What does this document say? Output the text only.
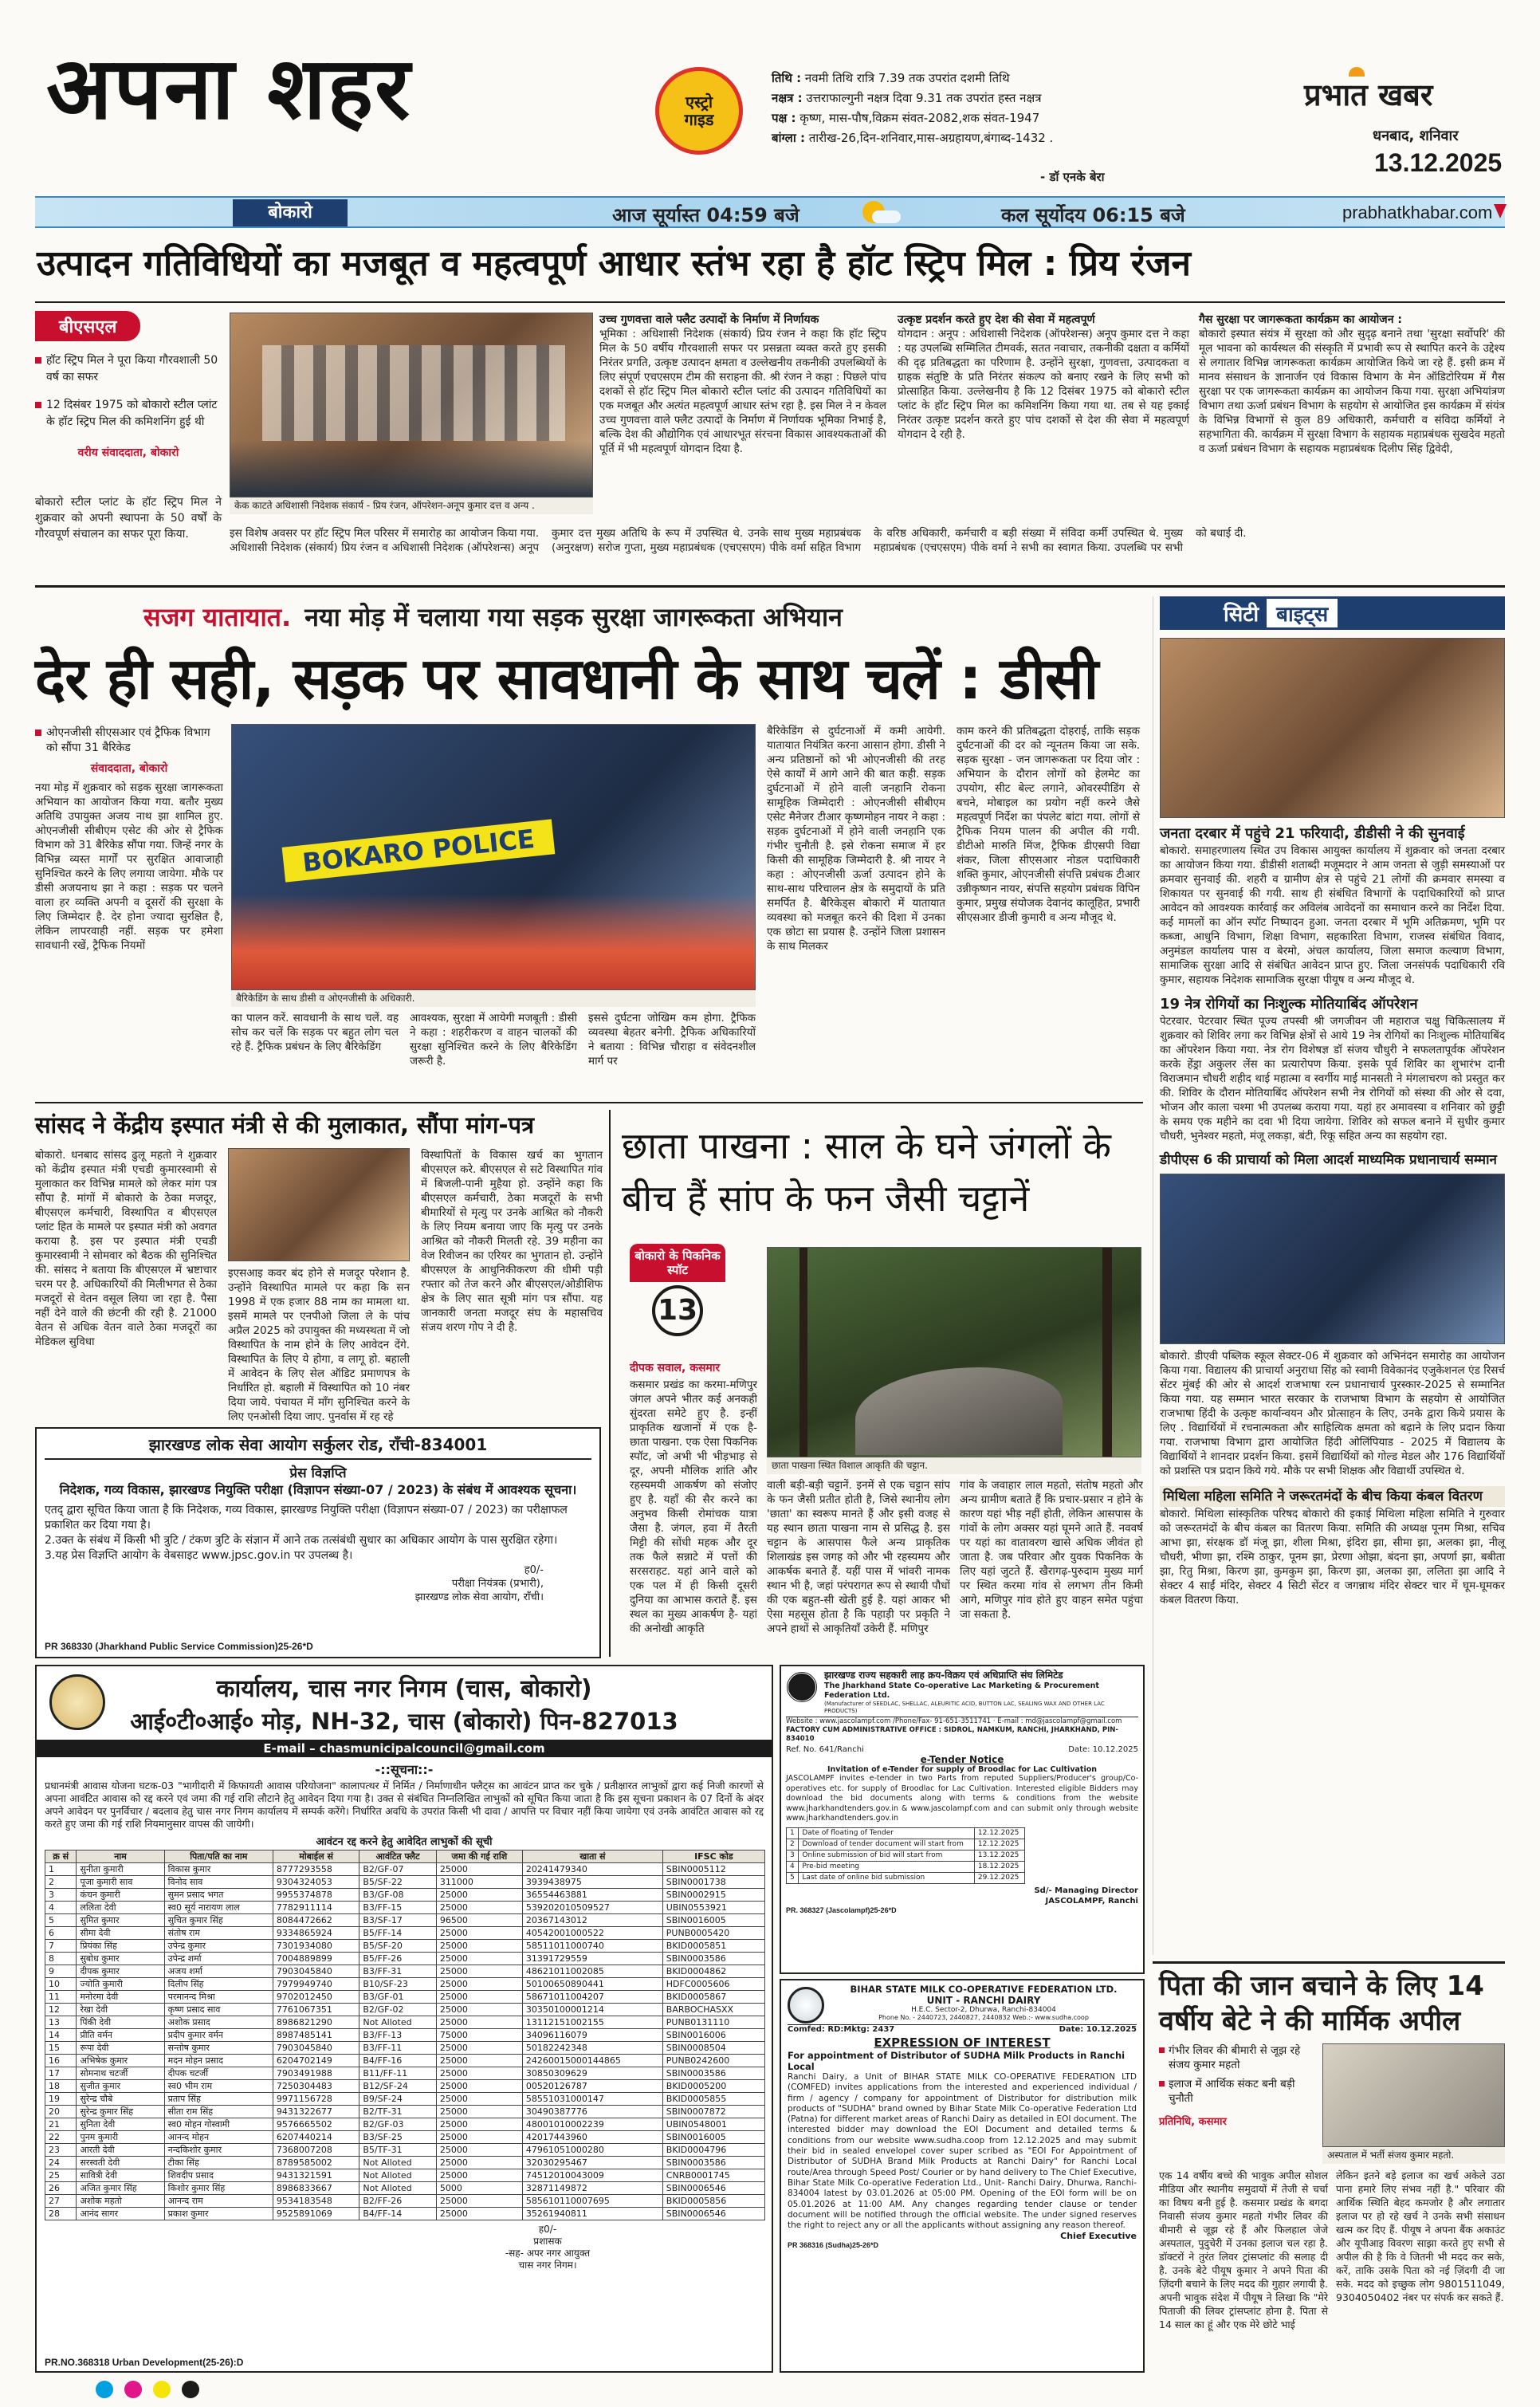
अपना शहर	एस्ट्रो
गाइड
तिथि : नवमी तिथि रात्रि 7.39 तक उपरांत दशमी तिथि
नक्षत्र : उत्तराफाल्गुनी नक्षत्र दिवा 9.31 तक उपरांत हस्त नक्षत्र
पक्ष : कृष्ण, मास-पौष,विक्रम संवत-2082,शक संवत-1947
बांग्ला : तारीख-26,दिन-शनिवार,मास-अग्रहायण,बंगाब्द-1432 .
- डॉ एनके बेरा
प्रभात खबर
धनबाद, शनिवार
13.12.2025
बोकारो	आज सूर्यास्त 04:59 बजे	कल सूर्योदय 06:15 बजे	prabhatkhabar.com
उत्पादन गतिविधियों का मजबूत व महत्वपूर्ण आधार स्तंभ रहा है हॉट स्ट्रिप मिल : प्रिय रंजन
बीएसएल
हॉट स्ट्रिप मिल ने पूरा किया गौरवशाली 50 वर्ष का सफर
12 दिसंबर 1975 को बोकारो स्टील प्लांट के हॉट स्ट्रिप मिल की कमिशनिंग हुई थी
वरीय संवाददाता, बोकारो
बोकारो स्टील प्लांट के हॉट स्ट्रिप मिल ने शुक्रवार को अपनी स्थापना के 50 वर्षों के गौरवपूर्ण संचालन का सफर पूरा किया.
केक काटते अधिशासी निदेशक संकार्य - प्रिय रंजन, ऑपरेशन-अनूप कुमार दत्त व अन्य .
उच्च गुणवत्ता वाले फ्लैट उत्पादों के निर्माण में निर्णायक
भूमिका : अधिशासी निदेशक (संकार्य) प्रिय रंजन ने कहा कि हॉट स्ट्रिप मिल के 50 वर्षीय गौरवशाली सफर पर प्रसन्नता व्यक्त करते हुए इसकी निरंतर प्रगति, उत्कृष्ट उत्पादन क्षमता व उल्लेखनीय तकनीकी उपलब्धियों के लिए संपूर्ण एचएसएम टीम की सराहना की. श्री रंजन ने कहा : पिछले पांच दशकों से हॉट स्ट्रिप मिल बोकारो स्टील प्लांट की उत्पादन गतिविधियों का एक मजबूत और अत्यंत महत्वपूर्ण आधार स्तंभ रहा है. इस मिल ने न केवल उच्च गुणवत्ता वाले फ्लैट उत्पादों के निर्माण में निर्णायक भूमिका निभाई है, बल्कि देश की औद्योगिक एवं आधारभूत संरचना विकास आवश्यकताओं की पूर्ति में भी महत्वपूर्ण योगदान दिया है.
उत्कृष्ट प्रदर्शन करते हुए देश की सेवा में महत्वपूर्ण
योगदान : अनूप : अधिशासी निदेशक (ऑपरेशन्स) अनूप कुमार दत्त ने कहा : यह उपलब्धि सम्मिलित टीमवर्क, सतत नवाचार, तकनीकी दक्षता व कर्मियों की दृढ़ प्रतिबद्धता का परिणाम है. उन्होंने सुरक्षा, गुणवत्ता, उत्पादकता व ग्राहक संतुष्टि के प्रति निरंतर संकल्प को बनाए रखने के लिए सभी को प्रोत्साहित किया. उल्लेखनीय है कि 12 दिसंबर 1975 को बोकारो स्टील प्लांट के हॉट स्ट्रिप मिल का कमिशनिंग किया गया था. तब से यह इकाई निरंतर उत्कृष्ट प्रदर्शन करते हुए पांच दशकों से देश की सेवा में महत्वपूर्ण योगदान दे रही है.
गैस सुरक्षा पर जागरूकता कार्यक्रम का आयोजन :
बोकारो इस्पात संयंत्र में सुरक्षा को और सुदृढ़ बनाने तथा 'सुरक्षा सर्वोपरि' की मूल भावना को कार्यस्थल की संस्कृति में प्रभावी रूप से स्थापित करने के उद्देश्य से लगातार विभिन्न जागरूकता कार्यक्रम आयोजित किये जा रहे हैं. इसी क्रम में मानव संसाधन के ज्ञानार्जन एवं विकास विभाग के मेन ऑडिटोरियम में गैस सुरक्षा पर एक जागरूकता कार्यक्रम का आयोजन किया गया. सुरक्षा अभियांत्रण विभाग तथा ऊर्जा प्रबंधन विभाग के सहयोग से आयोजित इस कार्यक्रम में संयंत्र के विभिन्न विभागों से कुल 89 अधिकारी, कर्मचारी व संविदा कर्मियों ने सहभागिता की. कार्यक्रम में सुरक्षा विभाग के सहायक महाप्रबंधक सुखदेव महतो व ऊर्जा प्रबंधन विभाग के सहायक महाप्रबंधक दिलीप सिंह द्विवेदी,
इस विशेष अवसर पर हॉट स्ट्रिप मिल परिसर में समारोह का आयोजन किया गया. अधिशासी निदेशक (संकार्य) प्रिय रंजन व अधिशासी निदेशक (ऑपरेशन्स) अनूप कुमार दत्त मुख्य अतिथि के रूप में उपस्थित थे. उनके साथ मुख्य महाप्रबंधक (अनुरक्षण) सरोज गुप्ता, मुख्य महाप्रबंधक (एचएसएम) पीके वर्मा सहित विभाग के वरिष्ठ अधिकारी, कर्मचारी व बड़ी संख्या में संविदा कर्मी उपस्थित थे. मुख्य महाप्रबंधक (एचएसएम) पीके वर्मा ने सभी का स्वागत किया. उपलब्धि पर सभी को बधाई दी.
सजग यातायात. नया मोड़ में चलाया गया सड़क सुरक्षा जागरूकता अभियान
देर ही सही, सड़क पर सावधानी के साथ चलें : डीसी
ओएनजीसी सीएसआर एवं ट्रैफिक विभाग को सौंपा 31 बैरिकेड
संवाददाता, बोकारो
नया मोड़ में शुक्रवार को सड़क सुरक्षा जागरूकता अभियान का आयोजन किया गया. बतौर मुख्य अतिथि उपायुक्त अजय नाथ झा शामिल हुए. ओएनजीसी सीबीएम एसेट की ओर से ट्रैफिक विभाग को 31 बैरिकेड सौंपा गया. जिन्हें नगर के विभिन्न व्यस्त मार्गों पर सुरक्षित आवाजाही सुनिश्चित करने के लिए लगाया जायेगा. मौके पर डीसी अजयनाथ झा ने कहा : सड़क पर चलने वाला हर व्यक्ति अपनी व दूसरों की सुरक्षा के लिए जिम्मेदार है. देर होना ज्यादा सुरक्षित है, लेकिन लापरवाही नहीं. सड़क पर हमेशा सावधानी रखें, ट्रैफिक नियमों
BOKARO POLICE
बैरिकेडिंग के साथ डीसी व ओएनजीसी के अधिकारी.
का पालन करें. सावधानी के साथ चलें. वह सोच कर चलें कि सड़क पर बहुत लोग चल रहे हैं. ट्रैफिक प्रबंधन के लिए बैरिकेडिंग
आवश्यक, सुरक्षा में आयेगी मजबूती : डीसी ने कहा : शहरीकरण व वाहन चालकों की सुरक्षा सुनिश्चित करने के लिए बैरिकेडिंग जरूरी है.
इससे दुर्घटना जोखिम कम होगा. ट्रैफिक व्यवस्था बेहतर बनेगी. ट्रैफिक अधिकारियों ने बताया : विभिन्न चौराहा व संवेदनशील मार्ग पर
बैरिकेडिंग से दुर्घटनाओं में कमी आयेगी. यातायात नियंत्रित करना आसान होगा. डीसी ने अन्य प्रतिष्ठानों को भी ओएनजीसी की तरह ऐसे कार्यों में आगे आने की बात कही. सड़क दुर्घटनाओं में होने वाली जनहानि रोकना सामूहिक जिम्मेदारी : ओएनजीसी सीबीएम एसेट मैनेजर टीआर कृष्णमोहन नायर ने कहा : सड़क दुर्घटनाओं में होने वाली जनहानि एक गंभीर चुनौती है. इसे रोकना समाज में हर किसी की सामूहिक जिम्मेदारी है. श्री नायर ने कहा : ओएनजीसी ऊर्जा उत्पादन होने के साथ-साथ परिचालन क्षेत्र के समुदायों के प्रति समर्पित है. बैरिकेड्स बोकारो में यातायात व्यवस्था को मजबूत करने की दिशा में उनका एक छोटा सा प्रयास है. उन्होंने जिला प्रशासन के साथ मिलकर
काम करने की प्रतिबद्धता दोहराई, ताकि सड़क दुर्घटनाओं की दर को न्यूनतम किया जा सके. सड़क सुरक्षा - जन जागरूकता पर दिया जोर : अभियान के दौरान लोगों को हेलमेट का उपयोग, सीट बेल्ट लगाने, ओवरस्पीडिंग से बचने, मोबाइल का प्रयोग नहीं करने जैसे महत्वपूर्ण निर्देश का पंपलेट बांटा गया. लोगों से ट्रैफिक नियम पालन की अपील की गयी. डीटीओ मारुति मिंज, ट्रैफिक डीएसपी विद्या शंकर, जिला सीएसआर नोडल पदाधिकारी शक्ति कुमार, ओएनजीसी संपत्ति प्रबंधक टीआर उन्नीकृष्णन नायर, संपत्ति सहयोग प्रबंधक विपिन कुमार, प्रमुख संयोजक देवानंद कालूहित, प्रभारी सीएसआर डीजी कुमारी व अन्य मौजूद थे.
सांसद ने केंद्रीय इस्पात मंत्री से की मुलाकात, सौंपा मांग-पत्र
बोकारो. धनबाद सांसद ढुलू महतो ने शुक्रवार को केंद्रीय इस्पात मंत्री एचडी कुमारस्वामी से मुलाकात कर विभिन्न मामले को लेकर मांग पत्र सौंपा है. मांगों में बोकारो के ठेका मजदूर, बीएसएल कर्मचारी, विस्थापित व बीएसएल प्लांट हित के मामले पर इस्पात मंत्री को अवगत कराया है. इस पर इस्पात मंत्री एचडी कुमारस्वामी ने सोमवार को बैठक की सुनिश्चित की. सांसद ने बताया कि बीएसएल में भ्रष्टाचार चरम पर है. अधिकारियों की मिलीभगत से ठेका मजदूरों से वेतन वसूल लिया जा रहा है. पैसा नहीं देने वाले की छंटनी की रही है. 21000 वेतन से अधिक वेतन वाले ठेका मजदूरों का मेडिकल सुविधा
इएसआइ कवर बंद होने से मजदूर परेशान है. उन्होंने विस्थापित मामले पर कहा कि सन 1998 में एक हजार 88 नाम का मामला था. इसमें मामले पर एनपीओ जिला ले के पांच अप्रैल 2025 को उपायुक्त की मध्यस्थता में जो विस्थापित के नाम होने के लिए आवेदन देंगे. विस्थापित के लिए ये होगा, व लागू हो. बहाली में आवेदन के लिए सेल ऑडिट प्रमाणपत्र के निर्धारित हो. बहाली में विस्थापित को 10 नंबर दिया जाये. पंचायत में माँग सुनिश्चित करने के लिए एनओसी दिया जाए. पुनर्वास में रह रहे
विस्थापितों के विकास खर्च का भुगतान बीएसएल करे. बीएसएल से सटे विस्थापित गांव में बिजली-पानी मुहैया हो. उन्होंने कहा कि बीएसएल कर्मचारी, ठेका मजदूरों के सभी बीमारियों से मृत्यु पर उनके आश्रित को नौकरी के लिए नियम बनाया जाए कि मृत्यु पर उनके आश्रित को नौकरी मिलती रहे. 39 महीना का वेज रिवीजन का एरियर का भुगतान हो. उन्होंने बीएसएल के आधुनिकीकरण की धीमी पड़ी रफ्तार को तेज करने और बीएसएल/ओडीशिफ क्षेत्र के लिए सात सूत्री मांग पत्र सौंपा. यह जानकारी जनता मजदूर संघ के महासचिव संजय शरण गोप ने दी है.
छाता पाखना : साल के घने जंगलों के बीच हैं सांप के फन जैसी चट्टानें
बोकारो के पिकनिक स्पॉट
13
दीपक सवाल, कसमार
कसमार प्रखंड का करमा-मणिपुर जंगल अपने भीतर कई अनकही सुंदरता समेटे हुए है. इन्हीं प्राकृतिक खजानों में एक है- छाता पाखना. एक ऐसा पिकनिक स्पॉट, जो अभी भी भीड़भाड़ से दूर, अपनी मौलिक शांति और रहस्यमयी आकर्षण को संजोए हुए है. यहाँ की सैर करने का अनुभव किसी रोमांचक यात्रा जैसा है. जंगल, हवा में तैरती मिट्टी की सोंधी महक और दूर तक फैले सन्नाटे में पत्तों की सरसराहट. यहां आने वाले को एक पल में ही किसी दूसरी दुनिया का आभास कराते हैं. इस स्थल का मुख्य आकर्षण है- यहां की अनोखी आकृति
छाता पाखना स्थित विशाल आकृति की चट्टान.
वाली बड़ी-बड़ी चट्टानें. इनमें से एक चट्टान सांप के फन जैसी प्रतीत होती है, जिसे स्थानीय लोग 'छाता' का स्वरूप मानते हैं और इसी वजह से यह स्थान छाता पाखना नाम से प्रसिद्ध है. इस चट्टान के आसपास फैले अन्य प्राकृतिक शिलाखंड इस जगह को और भी रहस्यमय और आकर्षक बनाते हैं. यहीं पास में भांवरी नामक स्थान भी है, जहां परंपरागत रूप से स्थायी पौधों की एक बहुत-सी खेती हुई है. यहां आकर भी ऐसा महसूस होता है कि पहाड़ी पर प्रकृति ने अपने हाथों से आकृतियाँ उकेरी हैं. मणिपुर
गांव के जवाहार लाल महतो, संतोष महतो और अन्य ग्रामीण बताते हैं कि प्रचार-प्रसार न होने के कारण यहां भीड़ नहीं होती, लेकिन आसपास के गांवों के लोग अक्सर यहां घूमने आते हैं. नववर्ष पर यहां का वातावरण खासे अधिक जीवंत हो जाता है. जब परिवार और युवक पिकनिक के लिए यहां जुटते हैं. खैरागढ़-पुरुदाम मुख्य मार्ग पर स्थित करमा गांव से लगभग तीन किमी आगे, मणिपुर गांव होते हुए वाहन समेत पहुंचा जा सकता है.
झारखण्ड लोक सेवा आयोग सर्कुलर रोड, राँची-834001
प्रेस विज्ञप्ति
निदेशक, गव्य विकास, झारखण्ड नियुक्ति परीक्षा (विज्ञापन संख्या-07 / 2023) के संबंध में आवश्यक सूचना।
एतद् द्वारा सूचित किया जाता है कि निदेशक, गव्य विकास, झारखण्ड नियुक्ति परीक्षा (विज्ञापन संख्या-07 / 2023) का परीक्षाफल प्रकाशित कर दिया गया है।
2.उक्त के संबंध में किसी भी त्रुटि / टंकण त्रुटि के संज्ञान में आने तक तत्संबंधी सुधार का अधिकार आयोग के पास सुरक्षित रहेगा।
3.यह प्रेस विज्ञप्ति आयोग के वेबसाइट www.jpsc.gov.in पर उपलब्ध है।
ह0/-
परीक्षा नियंत्रक (प्रभारी),
झारखण्ड लोक सेवा आयोग, राँची।
PR 368330 (Jharkhand Public Service Commission)25-26*D
कार्यालय, चास नगर निगम (चास, बोकारो)
आई०टी०आई० मोड़, NH-32, चास (बोकारो) पिन-827013
E-mail – chasmunicipalcouncil@gmail.com
-::सूचना::-
प्रधानमंत्री आवास योजना घटक-03 "भागीदारी में किफायती आवास परियोजना" कालापत्थर में निर्मित / निर्माणाधीन फ्लैट्स का आवंटन प्राप्त कर चुके / प्रतीक्षारत लाभुकों द्वारा कई निजी कारणों से अपना आवंटित आवास को रद्द करने एवं जमा की गई राशि लौटाने हेतु आवेदन दिया गया है। उक्त से संबंधित निम्नलिखित लाभुकों को सूचित किया जाता है कि इस सूचना प्रकाशन के 07 दिनों के अंदर अपने आवेदन पर पुनर्विचार / बदलाव हेतु चास नगर निगम कार्यालय में सम्पर्क करेंगे। निर्धारित अवधि के उपरांत किसी भी दावा / आपत्ति पर विचार नहीं किया जायेगा एवं उनके आवंटित आवास को रद्द करते हुए जमा की गई राशि नियमानुसार वापस की जायेगी।
आवंटन रद्द करने हेतु आवेदित लाभुकों की सूची
क्र सं	नाम	पिता/पति का नाम	मोबाईल सं	आवंटित फ्लैट	जमा की गई राशि	खाता सं	IFSC कोड
1	सुनीता कुमारी	विकास कुमार	8777293558	B2/GF-07	25000	20241479340	SBIN0005112
2	पूजा कुमारी साव	विनोद साव	9304324053	B5/SF-22	311000	3939438975	SBIN0001738
3	कंचन कुमारी	सुमन प्रसाद भगत	9955374878	B3/GF-08	25000	36554463881	SBIN0002915
4	ललिता देवी	स्व0 सूर्य नारायण लाल	7782911114	B3/FF-15	25000	539202010509527	UBIN0553921
5	सुमित कुमार	सुचित कुमार सिंह	8084472662	B3/SF-17	96500	20367143012	SBIN0016005
6	सीमा देवी	संतोष राम	9334865924	B5/FF-14	25000	40542001000522	PUNB0005420
7	प्रियंका सिंह	उपेन्द्र कुमार	7301934080	B5/SF-20	25000	58511011000740	BKID0005851
8	सुबोध कुमार	उपेन्द्र शर्मा	7004889899	B5/FF-26	25000	31391729559	SBIN0003586
9	दीपक कुमार	अजय शर्मा	7903045840	B3/FF-31	25000	48621011002085	BKID0004862
10	ज्योति कुमारी	दिलीप सिंह	7979949740	B10/SF-23	25000	50100650890441	HDFC0005606
11	मनोरमा देवी	परमानन्द मिश्रा	9702012450	B3/GF-01	25000	58671011004207	BKID0005867
12	रेखा देवी	कृष्ण प्रसाद साव	7761067351	B2/GF-02	25000	30350100001214	BARBOCHASXX
13	पिंकी देवी	अशोक प्रसाद	8986821290	Not Alloted	25000	13112151002155	PUNB0131110
14	प्रीति वर्मन	प्रदीप कुमार वर्मन	8987485141	B3/FF-13	75000	34096116079	SBIN0016006
15	रूपा देवी	सन्तोष कुमार	7903045840	B3/FF-11	25000	50182242348	SBIN0008504
16	अभिषेक कुमार	मदन मोहन प्रसाद	6204702149	B4/FF-16	25000	24260015000144865	PUNB0242600
17	सोमनाथ चटर्जी	दीपक चटर्जी	7903491988	B11/FF-11	25000	30850309629	SBIN0003586
18	सुजीत कुमार	स्व0 भीम राम	7250304483	B12/SF-24	25000	00520126787	BKID0005200
19	सुरेन्द्र चौबे	प्रताप सिंह	9971156728	B9/SF-24	25000	58551031000147	BKID0005855
20	सुरेन्द्र कुमार सिंह	सीता राम सिंह	9431322677	B2/TF-31	25000	30490387776	SBIN0007872
21	सुनिता देवी	स्व0 मोहन गोस्वामी	9576665502	B2/GF-03	25000	48001010002239	UBIN0548001
22	पुनम कुमारी	आनन्द मोहन	6207440214	B3/SF-25	25000	42017443960	SBIN0016005
23	आरती देवी	नन्दकिशोर कुमार	7368007208	B5/TF-31	25000	47961051000280	BKID0004796
24	सरस्वती देवी	टीका सिंह	8789585002	Not Alloted	25000	32030295467	SBIN0003586
25	सावित्री देवी	शिवदीप प्रसाद	9431321591	Not Alloted	25000	74512010043009	CNRB0001745
26	अजित कुमार सिंह	किशोर कुमार सिंह	8986833667	Not Alloted	5000	32871149872	SBIN0006546
27	अशोक महतो	आनन्द राम	9534183548	B2/FF-26	25000	585610110007695	BKID0005856
28	आनंद सागर	प्रकाश कुमार	9525891069	B4/FF-14	25000	35261940811	SBIN0006546
ह0/-
प्रशासक
-सह- अपर नगर आयुक्त
चास नगर निगम।
PR.NO.368318 Urban Development(25-26):D
झारखण्ड राज्य सहकारी लाह क्रय-विक्रय एवं अधिप्राप्ति संघ लिमिटेड
The Jharkhand State Co-operative Lac Marketing & Procurement Federation Ltd.
(Manufacturer of SEEDLAC, SHELLAC, ALEURITIC ACID, BUTTON LAC, SEALING WAX AND OTHER LAC PRODUCTS)
Website : www.jascolampf.com /Phone/Fax- 91-651-3511741 · E-mail : md@jascolampf@gmail.com
FACTORY CUM ADMINISTRATIVE OFFICE : SIDROL, NAMKUM, RANCHI, JHARKHAND, PIN- 834010
Ref. No. 641/Ranchi	Date: 10.12.2025
e-Tender Notice
Invitation of e-Tender for supply of Broodlac for Lac Cultivation
JASCOLAMPF invites e-tender in two Parts from reputed Suppliers/Producer's group/Co-operatives etc. for supply of Broodlac for Lac Cultivation. Interested eligible Bidders may download the bid documents along with terms & conditions from the website www.jharkhandtenders.gov.in & www.jascolampf.com and can submit only through website www.jharkhandtenders.gov.in
1	Date of floating of Tender	12.12.2025
2	Download of tender document will start from	12.12.2025
3	Online submission of bid will start from	13.12.2025
4	Pre-bid meeting	18.12.2025
5	Last date of online bid submission	29.12.2025
Sd/- Managing Director
JASCOLAMPF, Ranchi
PR. 368327 (Jascolampf)25-26*D
BIHAR STATE MILK CO-OPERATIVE FEDERATION LTD.
UNIT - RANCHI DAIRY
H.E.C. Sector-2, Dhurwa, Ranchi-834004
Phone No. - 2440723, 2440827, 2440832 Web.:- www.sudha.coop
Comfed: RD:Mktg: 2437	Date: 10.12.2025
EXPRESSION OF INTEREST
For appointment of Distributor of SUDHA Milk Products in Ranchi Local
Ranchi Dairy, a Unit of BIHAR STATE MILK CO-OPERATIVE FEDERATION LTD (COMFED) invites applications from the interested and experienced individual / firm / agency / company for appointment of Distributor for distribution milk products of "SUDHA" brand owned by Bihar State Milk Co-operative Federation Ltd (Patna) for different market areas of Ranchi Dairy as detailed in EOI document. The interested bidder may download the EOI Document and detailed terms & conditions from our website www.sudha.coop from 12.12.2025 and may submit their bid in sealed envelopel cover super scribed as "EOI For Appointment of Distributor of SUDHA Brand Milk Products at Ranchi Dairy" for Ranchi Local route/Area through Speed Post/ Courier or by hand delivery to The Chief Executive, Bihar State Milk Co-operative Federation Ltd., Unit- Ranchi Dairy, Dhurwa, Ranchi-834004 latest by 03.01.2026 at 05:00 PM. Opening of the EOI form will be on 05.01.2026 at 11:00 AM. Any changes regarding tender clause or tender document will be notified through the official website. The under signed reserves the right to reject any or all the applicants without assigning any reason thereof.
Chief Executive
PR 368316 (Sudha)25-26*D
सिटी बाइट्स
जनता दरबार में पहुंचे 21 फरियादी, डीडीसी ने की सुनवाई
बोकारो. समाहरणालय स्थित उप विकास आयुक्त कार्यालय में शुक्रवार को जनता दरबार का आयोजन किया गया. डीडीसी शताब्दी मजूमदार ने आम जनता से जुड़ी समस्याओं पर क्रमवार सुनवाई की. शहरी व ग्रामीण क्षेत्र से पहुंचे 21 लोगों की क्रमवार समस्या व शिकायत पर सुनवाई की गयी. साथ ही संबंधित विभागों के पदाधिकारियों को प्राप्त आवेदन को आवश्यक कार्रवाई कर अविलंब आवेदनों का समाधान करने का निर्देश दिया. कई मामलों का ऑन स्पॉट निष्पादन हुआ. जनता दरबार में भूमि अतिक्रमण, भूमि पर कब्जा, आधुनि विभाग, शिक्षा विभाग, सहकारिता विभाग, राजस्व संबंधित विवाद, अनुमंडल कार्यालय पास व बेरमो, अंचल कार्यालय, जिला समाज कल्याण विभाग, सामाजिक सुरक्षा आदि से संबंधित आवेदन प्राप्त हुए. जिला जनसंपर्क पदाधिकारी रवि कुमार, सहायक निदेशक सामाजिक सुरक्षा पीयूष व अन्य मौजूद थे.
19 नेत्र रोगियों का निःशुल्क मोतियाबिंद ऑपरेशन
पेटरवार. पेटरवार स्थित पूज्य तपस्वी श्री जगजीवन जी महाराज चक्षु चिकित्सालय में शुक्रवार को शिविर लगा कर विभिन्न क्षेत्रों से आये 19 नेत्र रोगियों का निःशुल्क मोतियाबिंद का ऑपरेशन किया गया. नेत्र रोग विशेषज्ञ डॉ संजय चौधुरी ने सफलतापूर्वक ऑपरेशन करके हेंड्रा अकुलर लेंस का प्रत्यारोपण किया. इसके पूर्व शिविर का शुभारंभ दानी विराजमान चौधरी शहीद थाई महात्मा व स्वर्गीय माई मानसती ने मंगलाचरण को प्रस्तुत कर की. शिविर के दौरान मोतियाबिंद ऑपरेशन सभी नेत्र रोगियों को संस्था की ओर से दवा, भोजन और काला चश्मा भी उपलब्ध कराया गया. यहां हर अमावस्या व शनिवार को छुट्टी के समय एक महीने का दवा भी दिया जायेगा. शिविर को सफल बनाने में सुधीर कुमार चौधरी, भुनेश्वर महतो, मंजू लकड़ा, बंटी, रिकू सहित अन्य का सहयोग रहा.
डीपीएस 6 की प्राचार्या को मिला आदर्श माध्यमिक प्रधानाचार्य सम्मान
बोकारो. डीएवी पब्लिक स्कूल सेक्टर-06 में शुक्रवार को अभिनंदन समारोह का आयोजन किया गया. विद्यालय की प्राचार्या अनुराधा सिंह को स्वामी विवेकानंद एजुकेशनल एंड रिसर्च सेंटर मुंबई की ओर से आदर्श राजभाषा रत्न प्रधानाचार्य पुरस्कार-2025 से सम्मानित किया गया. यह सम्मान भारत सरकार के राजभाषा विभाग के सहयोग से आयोजित राजभाषा हिंदी के उत्कृष्ट कार्यान्वयन और प्रोत्साहन के लिए, उनके द्वारा किये प्रयास के लिए . विद्यार्थियों में रचनात्मकता और साहित्यिक क्षमता को बढ़ाने के लिए प्रदान किया गया. राजभाषा विभाग द्वारा आयोजित हिंदी ओलिंपियाड - 2025 में विद्यालय के विद्यार्थियों ने शानदार प्रदर्शन किया. इसमें विद्यार्थियों को गोल्ड मेडल और 176 विद्यार्थियों को प्रशस्ति पत्र प्रदान किये गये. मौके पर सभी शिक्षक और विद्यार्थी उपस्थित थे.
मिथिला महिला समिति ने जरूरतमंदों के बीच किया कंबल वितरण
बोकारो. मिथिला सांस्कृतिक परिषद बोकारो की इकाई मिथिला महिला समिति ने गुरुवार को जरूरतमंदों के बीच कंबल का वितरण किया. समिति की अध्यक्ष पूनम मिश्रा, सचिव आभा झा, संरक्षक डॉ मंजू झा, शीला मिश्रा, इंदिरा झा, सीमा झा, अलका झा, नीलू चौधरी, भीणा झा, रश्मि ठाकुर, पूनम झा, प्रेरणा ओझा, बंदना झा, अपर्णा झा, बबीता झा, रितु मिश्रा, किरण झा, कुमकुम झा, किरण झा, अलका झा, ललिता झा आदि ने सेक्टर 4 साईं मंदिर, सेक्टर 4 सिटी सेंटर व जगन्नाथ मंदिर सेक्टर चार में घूम-घूमकर कंबल वितरण किया.
पिता की जान बचाने के लिए 14 वर्षीय बेटे ने की मार्मिक अपील
गंभीर लिवर की बीमारी से जूझ रहे संजय कुमार महतो
इलाज में आर्थिक संकट बनी बड़ी चुनौती
प्रतिनिधि, कसमार
अस्पताल में भर्ती संजय कुमार महतो.
एक 14 वर्षीय बच्चे की भावुक अपील सोशल मीडिया और स्थानीय समुदायों में तेजी से चर्चा का विषय बनी हुई है. कसमार प्रखंड के बगदा निवासी संजय कुमार महतो गंभीर लिवर की बीमारी से जूझ रहे हैं और फिलहाल जेजे अस्पताल, पुदुचेरी में उनका इलाज चल रहा है. डॉक्टरों ने तुरंत लिवर ट्रांसप्लांट की सलाह दी है. उनके बेटे पीयूष कुमार ने अपने पिता की ज़िंदगी बचाने के लिए मदद की गुहार लगायी है. अपनी भावुक संदेश में पीयूष ने लिखा कि "मेरे पिताजी की लिवर ट्रांसप्लांट होना है. पिता से 14 साल का हूं और एक मेरे छोटे भाई
लेकिन इतने बड़े इलाज का खर्च अकेले उठा पाना हमारे लिए संभव नहीं है." परिवार की आर्थिक स्थिति बेहद कमजोर है और लगातार इलाज पर हो रहे खर्च ने उनके सभी संसाधन खत्म कर दिए हैं. पीयूष ने अपना बैंक अकाउंट और यूपीआइ विवरण साझा करते हुए सभी से अपील की है कि वे जितनी भी मदद कर सके, करें, ताकि उसके पिता को नई ज़िंदगी दी जा सके. मदद को इच्छुक लोग 9801511049, 9304050402 नंबर पर संपर्क कर सकते हैं.
